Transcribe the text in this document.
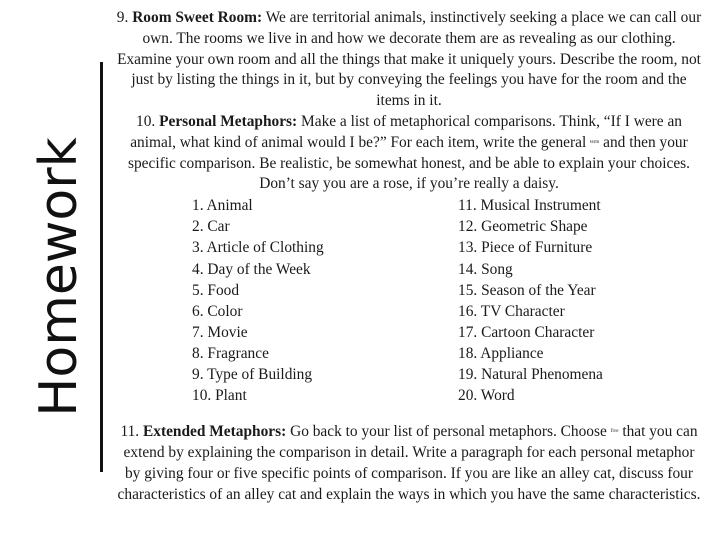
Homework

9. Room Sweet Room: We are territorial animals, instinctively seeking a place we can call our own. The rooms we live in and how we decorate them are as revealing as our clothing. Examine your own room and all the things that make it uniquely yours. Describe the room, not just by listing the things in it, but by conveying the feelings you have for the room and the items in it.

10. Personal Metaphors: Make a list of metaphorical comparisons. Think, “If I were an animal, what kind of animal would I be?” For each item, write the general term and then your specific comparison. Be realistic, be somewhat honest, and be able to explain your choices. Don’t say you are a rose, if you’re really a daisy.

1. Animal	11. Musical Instrument
2. Car	12. Geometric Shape
3. Article of Clothing	13. Piece of Furniture
4. Day of the Week	14. Song
5. Food	15. Season of the Year
6. Color	16. TV Character
7. Movie	17. Cartoon Character
8. Fragrance	18. Appliance
9. Type of Building	19. Natural Phenomena
10. Plant	20. Word

11. Extended Metaphors: Go back to your list of personal metaphors. Choose five that you can extend by explaining the comparison in detail. Write a paragraph for each personal metaphor by giving four or five specific points of comparison. If you are like an alley cat, discuss four characteristics of an alley cat and explain the ways in which you have the same characteristics.
